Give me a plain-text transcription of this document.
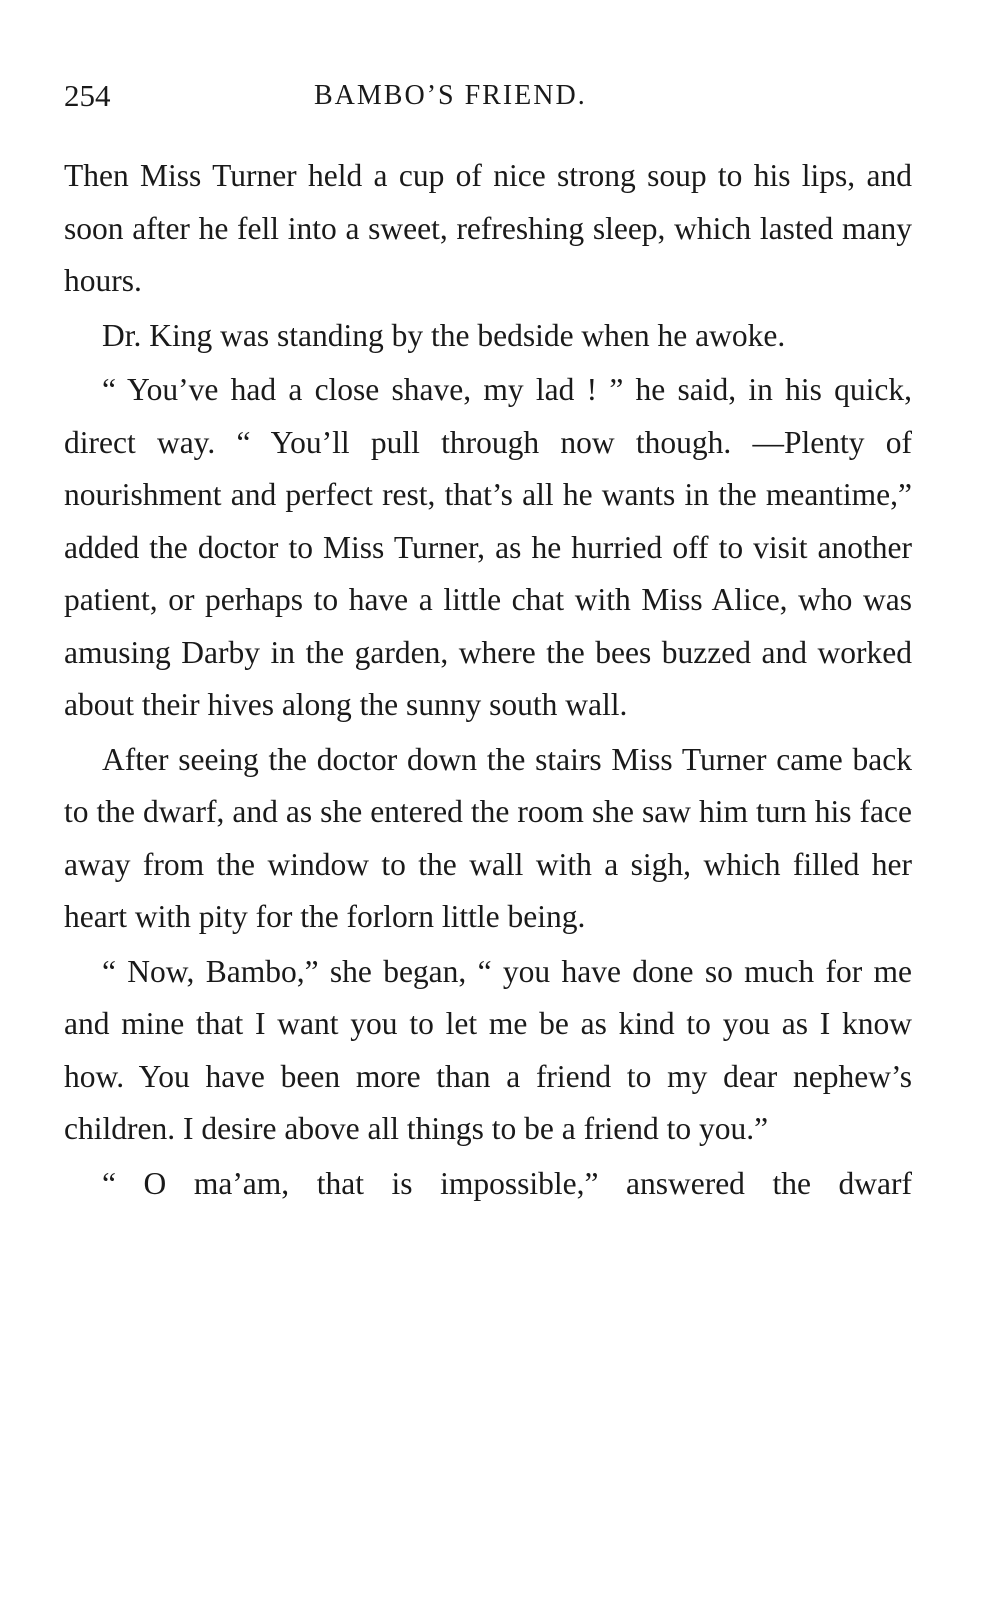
254	BAMBO’S FRIEND.

Then Miss Turner held a cup of nice strong soup to his lips, and soon after he fell into a sweet, refreshing sleep, which lasted many hours.

Dr. King was standing by the bedside when he awoke.

“ You’ve had a close shave, my lad ! ” he said, in his quick, direct way. “ You’ll pull through now though. —Plenty of nourishment and perfect rest, that’s all he wants in the meantime,” added the doctor to Miss Turner, as he hurried off to visit another patient, or perhaps to have a little chat with Miss Alice, who was amusing Darby in the garden, where the bees buzzed and worked about their hives along the sunny south wall.

After seeing the doctor down the stairs Miss Turner came back to the dwarf, and as she entered the room she saw him turn his face away from the window to the wall with a sigh, which filled her heart with pity for the forlorn little being.

“ Now, Bambo,” she began, “ you have done so much for me and mine that I want you to let me be as kind to you as I know how. You have been more than a friend to my dear nephew’s children. I desire above all things to be a friend to you.”

“ O ma’am, that is impossible,” answered the dwarf
